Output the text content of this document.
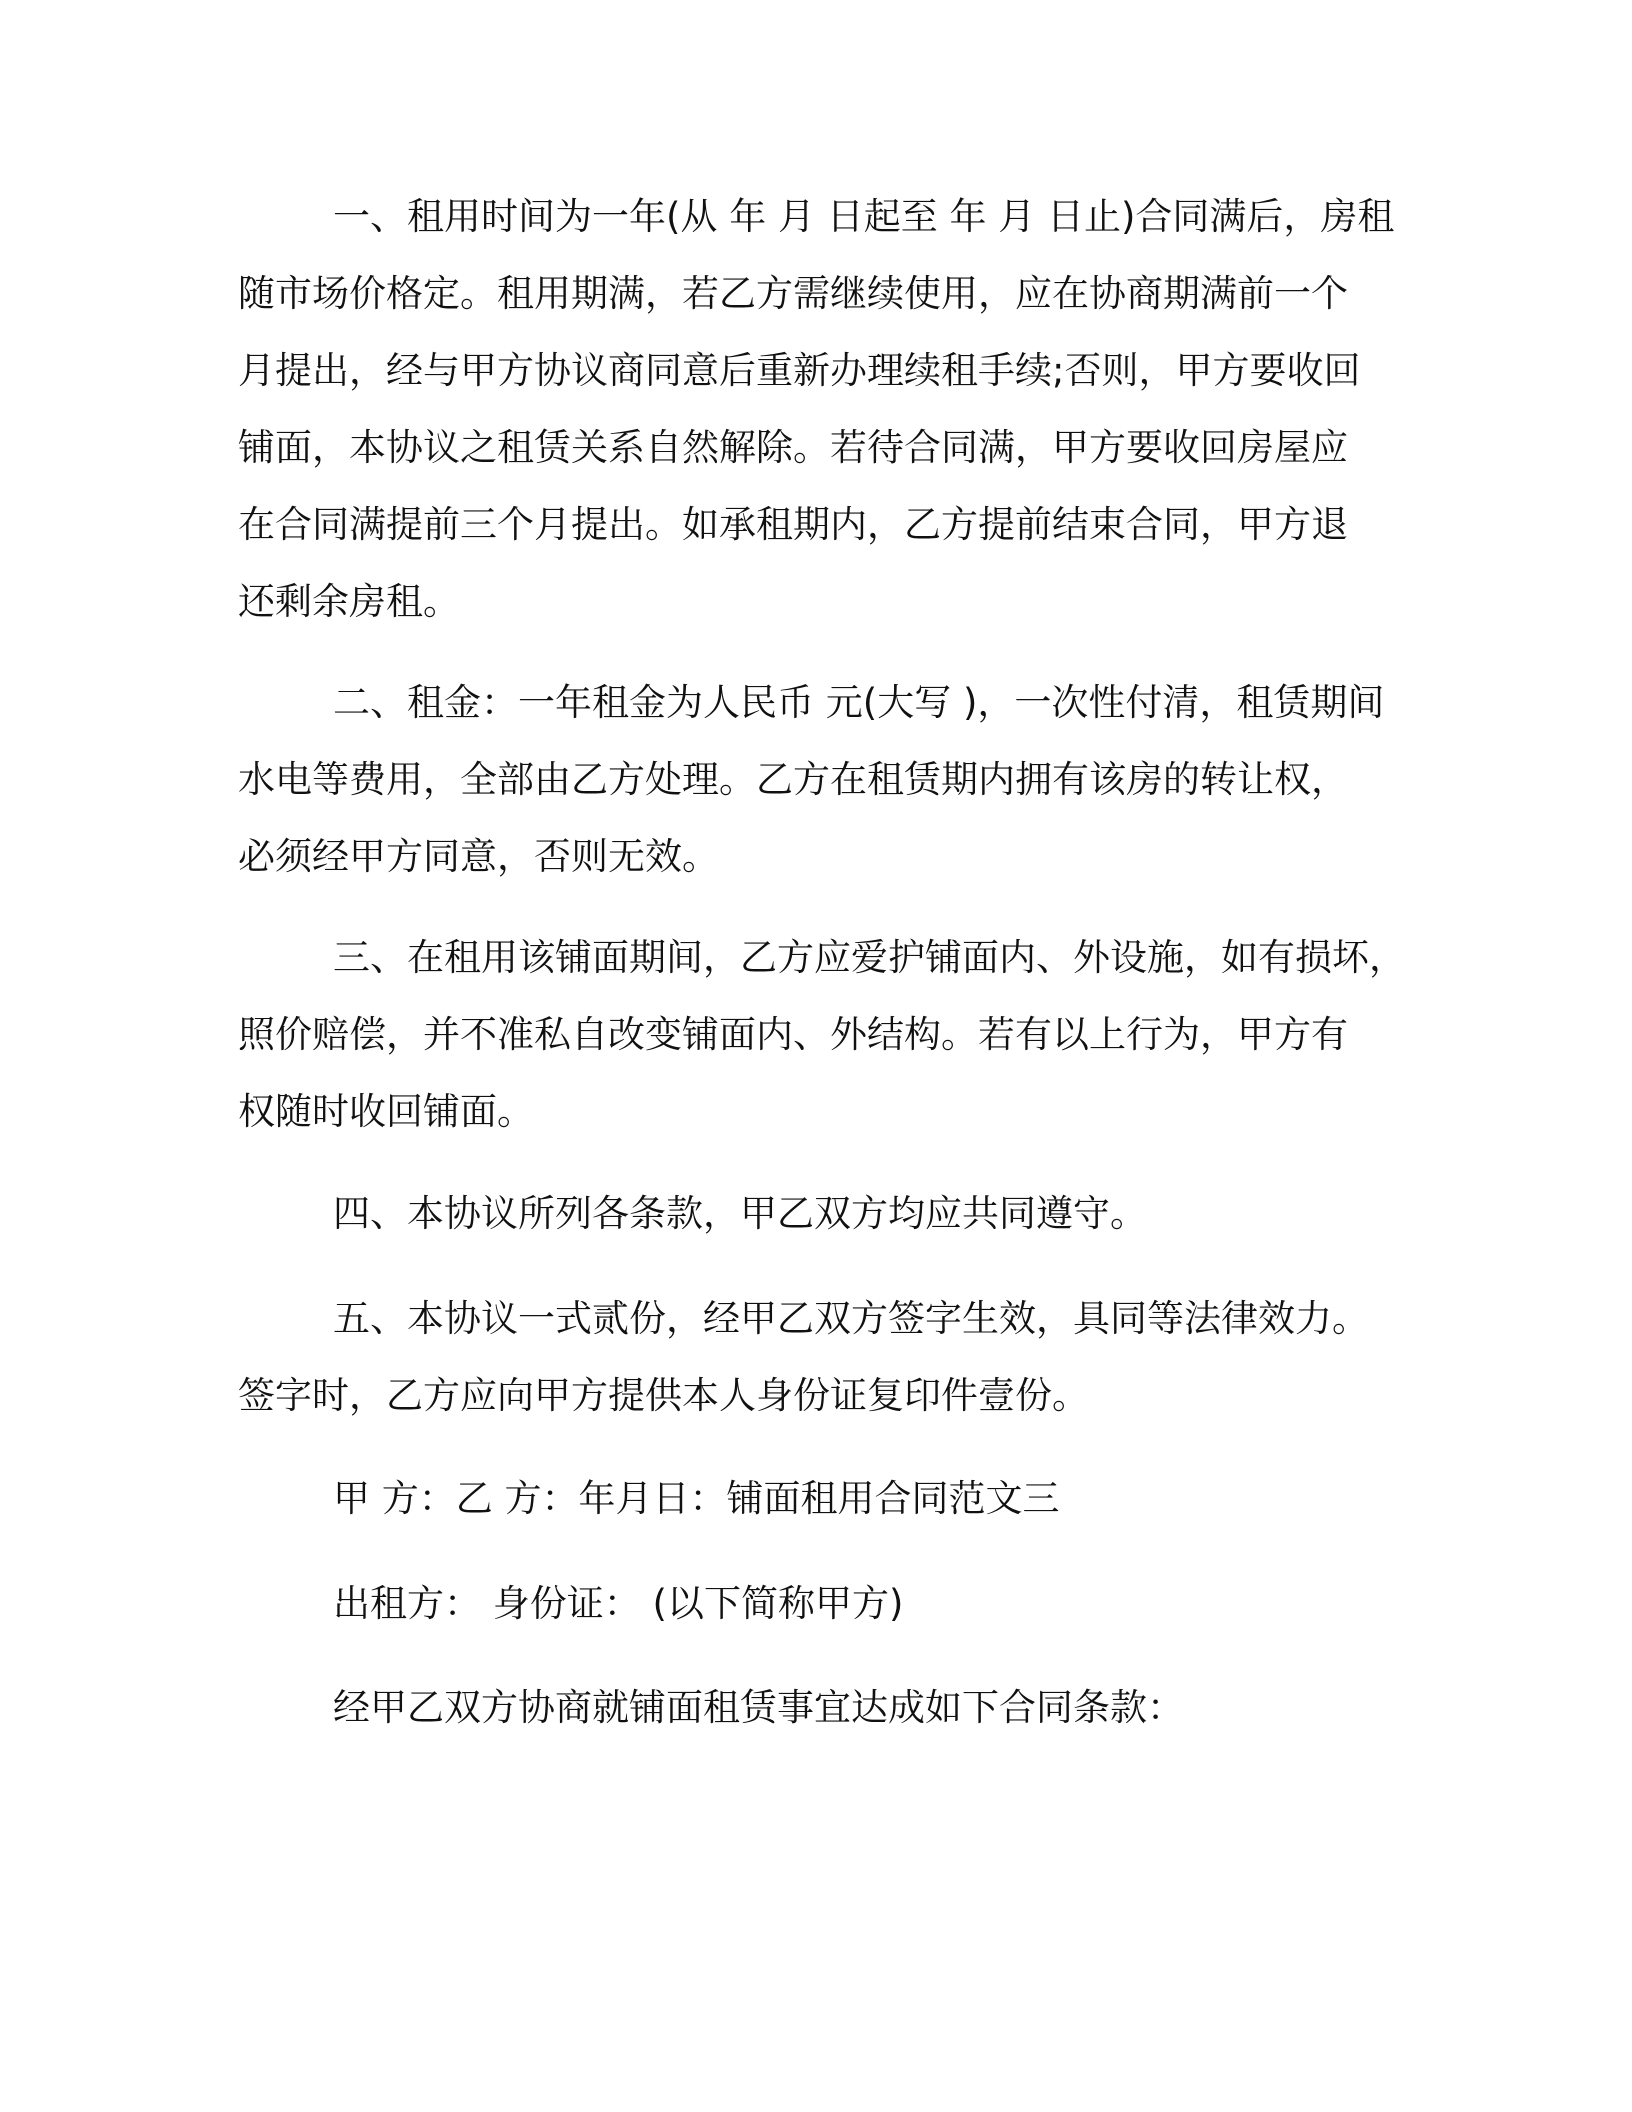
一、租用时间为一年(从 年 月 日起至 年 月 日止)合同满后，房租

随市场价格定。租用期满，若乙方需继续使用，应在协商期满前一个

月提出，经与甲方协议商同意后重新办理续租手续;否则，甲方要收回

铺面，本协议之租赁关系自然解除。若待合同满，甲方要收回房屋应

在合同满提前三个月提出。如承租期内，乙方提前结束合同，甲方退

还剩余房租。

二、租金：一年租金为人民币 元(大写 )，一次性付清，租赁期间

水电等费用，全部由乙方处理。乙方在租赁期内拥有该房的转让权，

必须经甲方同意，否则无效。

三、在租用该铺面期间，乙方应爱护铺面内、外设施，如有损坏，

照价赔偿，并不准私自改变铺面内、外结构。若有以上行为，甲方有

权随时收回铺面。

四、本协议所列各条款，甲乙双方均应共同遵守。

五、本协议一式贰份，经甲乙双方签字生效，具同等法律效力。

签字时，乙方应向甲方提供本人身份证复印件壹份。

甲 方：乙 方：年月日：铺面租用合同范文三

出租方： 身份证： (以下简称甲方)

经甲乙双方协商就铺面租赁事宜达成如下合同条款：
